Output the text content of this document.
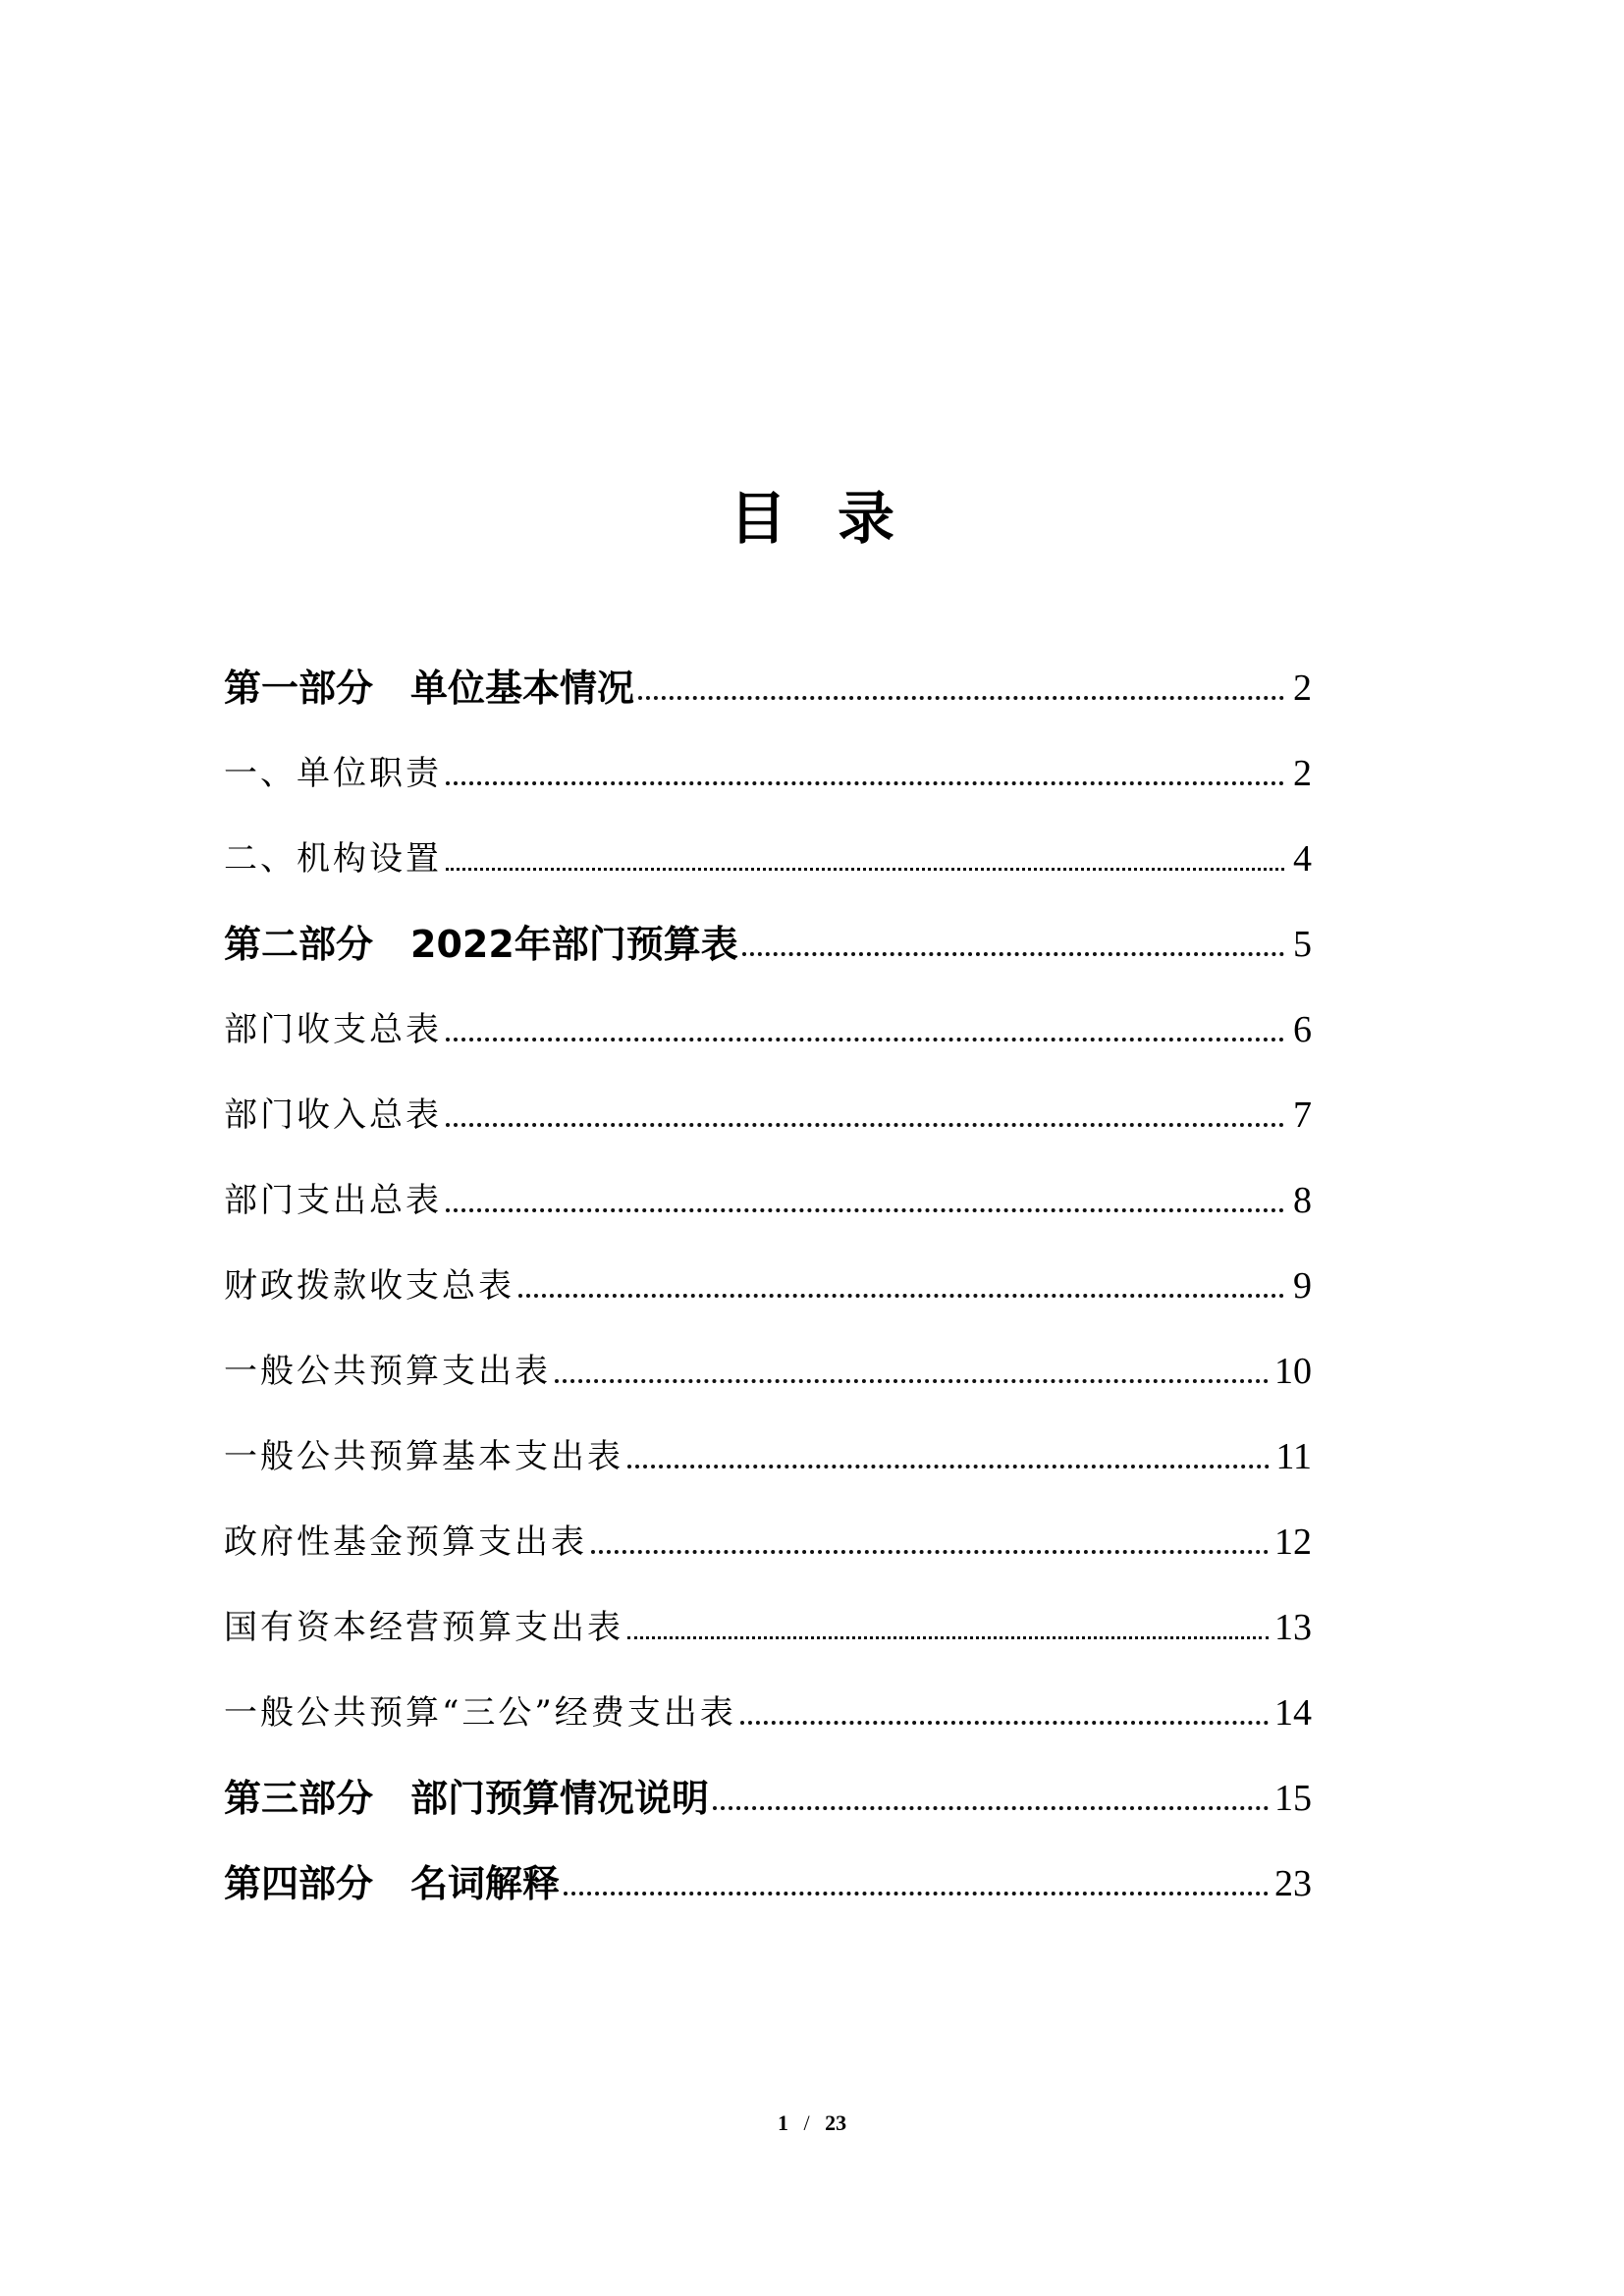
目录
第一部分　单位基本情况	2
一、单位职责	2
二、机构设置	4
第二部分　2022年部门预算表	5
部门收支总表	6
部门收入总表	7
部门支出总表	8
财政拨款收支总表	9
一般公共预算支出表	10
一般公共预算基本支出表	11
政府性基金预算支出表	12
国有资本经营预算支出表	13
一般公共预算“三公”经费支出表	14
第三部分　部门预算情况说明	15
第四部分　名词解释	23
1 / 23
